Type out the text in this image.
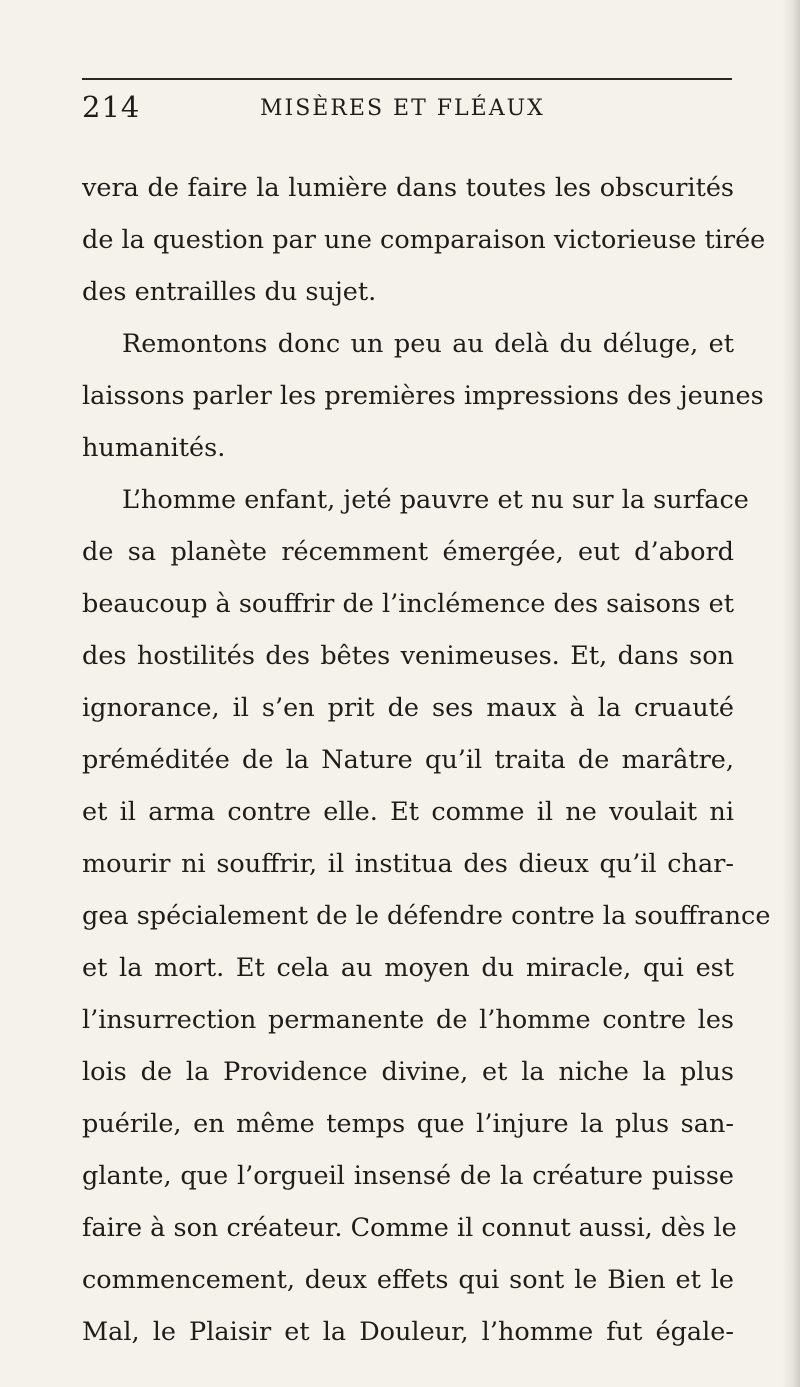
214	MISÈRES ET FLÉAUX
vera de faire la lumière dans toutes les obscurités
de la question par une comparaison victorieuse tirée
des entrailles du sujet.
Remontons donc un peu au delà du déluge, et
laissons parler les premières impressions des jeunes
humanités.
L’homme enfant, jeté pauvre et nu sur la surface
de sa planète récemment émergée, eut d’abord
beaucoup à souffrir de l’inclémence des saisons et
des hostilités des bêtes venimeuses. Et, dans son
ignorance, il s’en prit de ses maux à la cruauté
préméditée de la Nature qu’il traita de marâtre,
et il arma contre elle. Et comme il ne voulait ni
mourir ni souffrir, il institua des dieux qu’il char-
gea spécialement de le défendre contre la souffrance
et la mort. Et cela au moyen du miracle, qui est
l’insurrection permanente de l’homme contre les
lois de la Providence divine, et la niche la plus
puérile, en même temps que l’injure la plus san-
glante, que l’orgueil insensé de la créature puisse
faire à son créateur. Comme il connut aussi, dès le
commencement, deux effets qui sont le Bien et le
Mal, le Plaisir et la Douleur, l’homme fut égale-
